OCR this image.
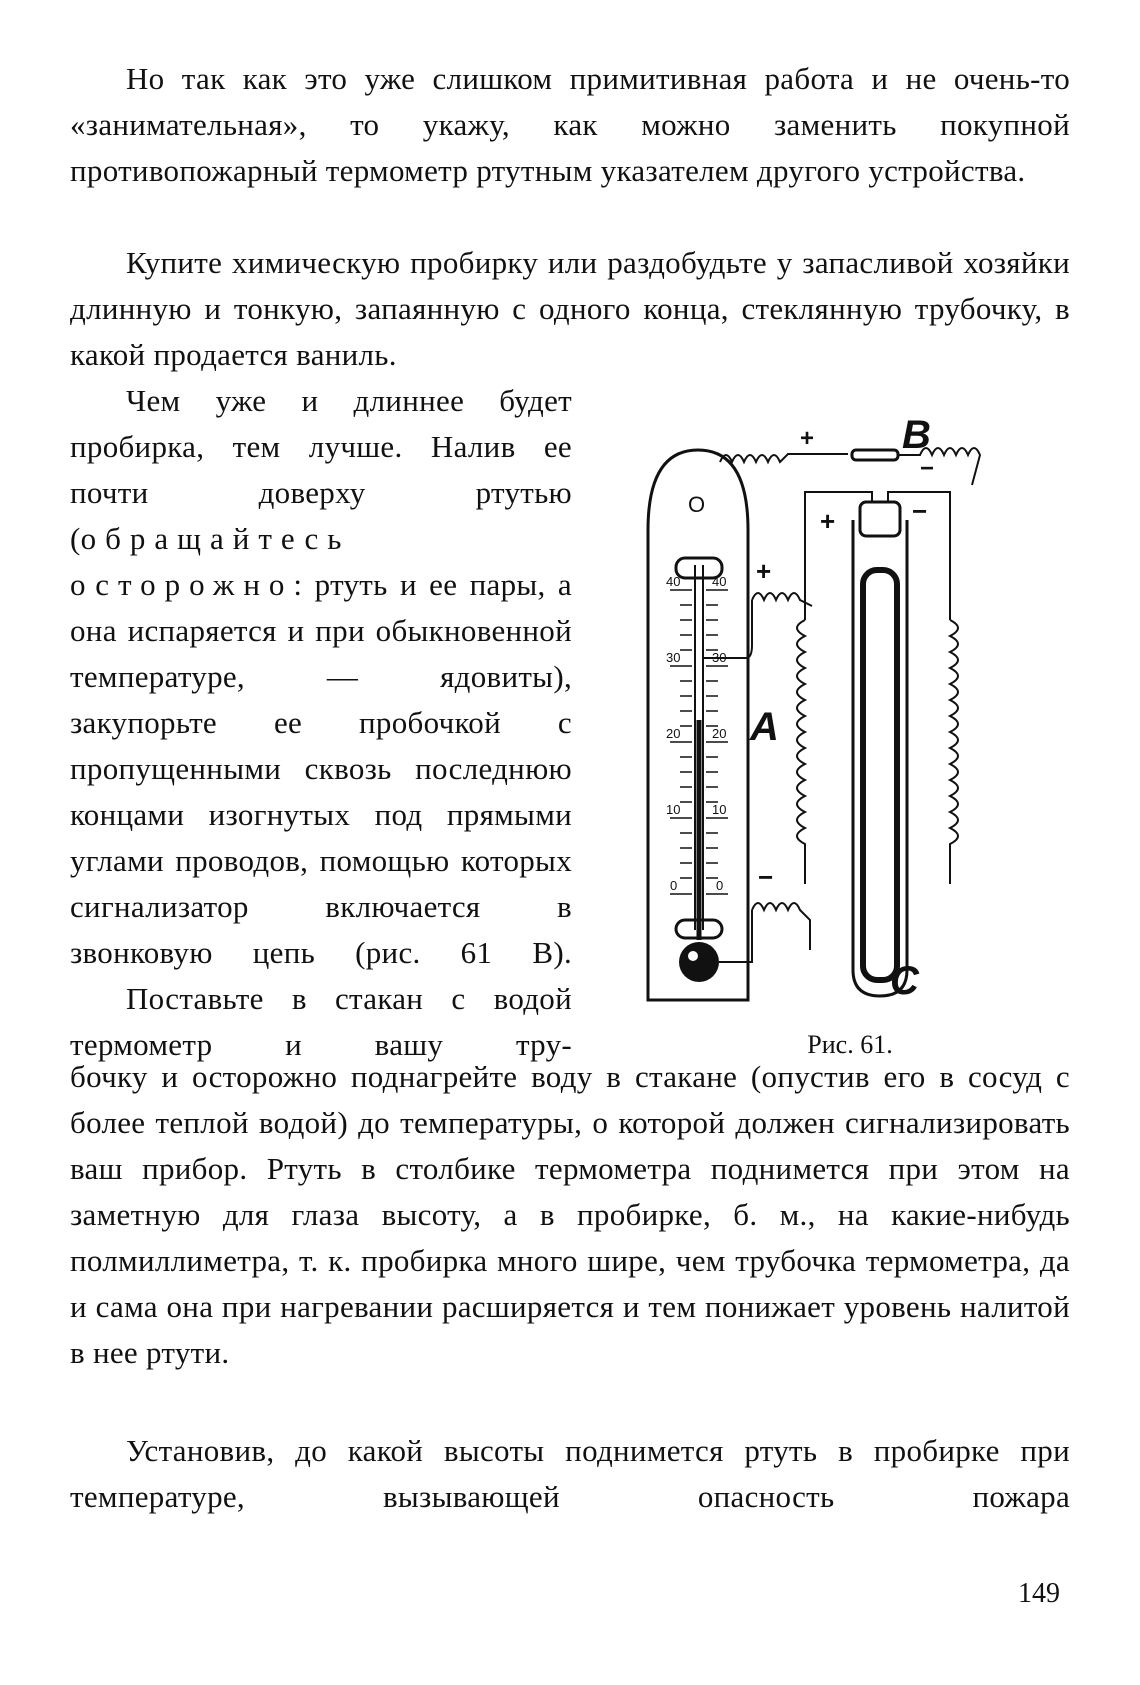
Но так как это уже слишком примитивная работа и не очень-то «занимательная», то укажу, как можно заменить покупной противопожарный термометр ртутным указателем другого устройства.

Купите химическую пробирку или раздобудьте у запасливой хозяйки длинную и тонкую, запаянную с одного конца, стеклянную трубочку, в какой продается ваниль.

Чем уже и длиннее будет пробирка, тем лучше. Налив ее почти доверху ртутью (обращайтесь осторожно: ртуть и ее пары, а она испаряется и при обыкновенной температуре, — ядовиты), закупорьте ее пробочкой с пропущенными сквозь последнюю концами изогнутых под прямыми углами проводов, помощью которых сигнализатор включается в звонковую цепь (рис. 61 B).
Поставьте в стакан с водой термометр и вашу тру-

бочку и осторожно поднагрейте воду в стакане (опустив его в сосуд с более теплой водой) до температуры, о которой должен сигнализировать ваш прибор. Ртуть в столбике термометра поднимется при этом на заметную для глаза высоту, а в пробирке, б. м., на какие-нибудь полмиллиметра, т. к. пробирка много шире, чем трубочка термометра, да и сама она при нагревании расширяется и тем понижает уровень налитой в нее ртути.

Установив, до какой высоты поднимется ртуть в пробирке при температуре, вызывающей опасность пожара

O
40 40
30 30
20 20
10 10
0	0
+
−
A
+	−
C
+
−
B
Рис. 61.
149
